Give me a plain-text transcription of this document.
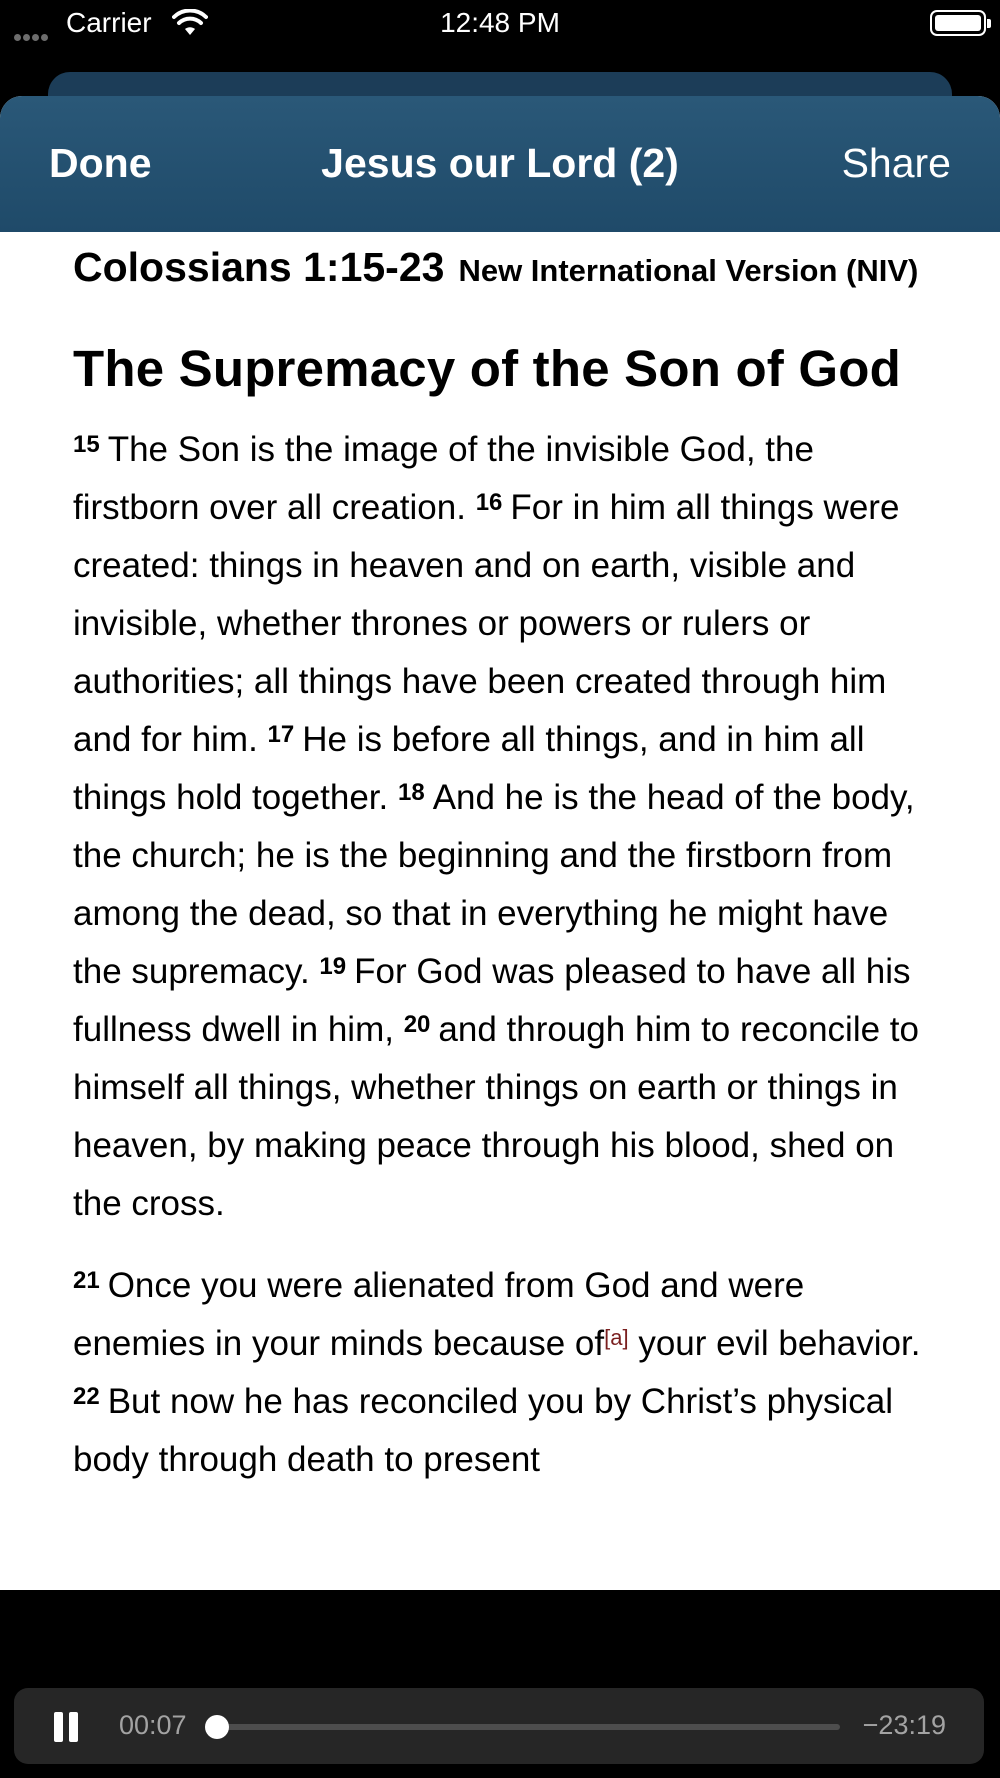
Carrier	12:48 PM
Done	Jesus our Lord (2)	Share
Colossians 1:15-23 New International Version (NIV)
The Supremacy of the Son of God

$^{15}$ The Son is the image of the invisible God, the firstborn over all creation. $^{16}$ For in him all things were created: things in heaven and on earth, visible and invisible, whether thrones or powers or rulers or authorities; all things have been created through him and for him. $^{17}$ He is before all things, and in him all things hold together. $^{18}$ And he is the head of the body, the church; he is the beginning and the firstborn from among the dead, so that in everything he might have the supremacy. $^{19}$ For God was pleased to have all his fullness dwell in him, $^{20}$ and through him to reconcile to himself all things, whether things on earth or things in heaven, by making peace through his blood, shed on the cross.

$^{21}$ Once you were alienated from God and were enemies in your minds because of[a] your evil behavior. $^{22}$ But now he has reconciled you by Christ’s physical body through death to present

00:07	−23:19
